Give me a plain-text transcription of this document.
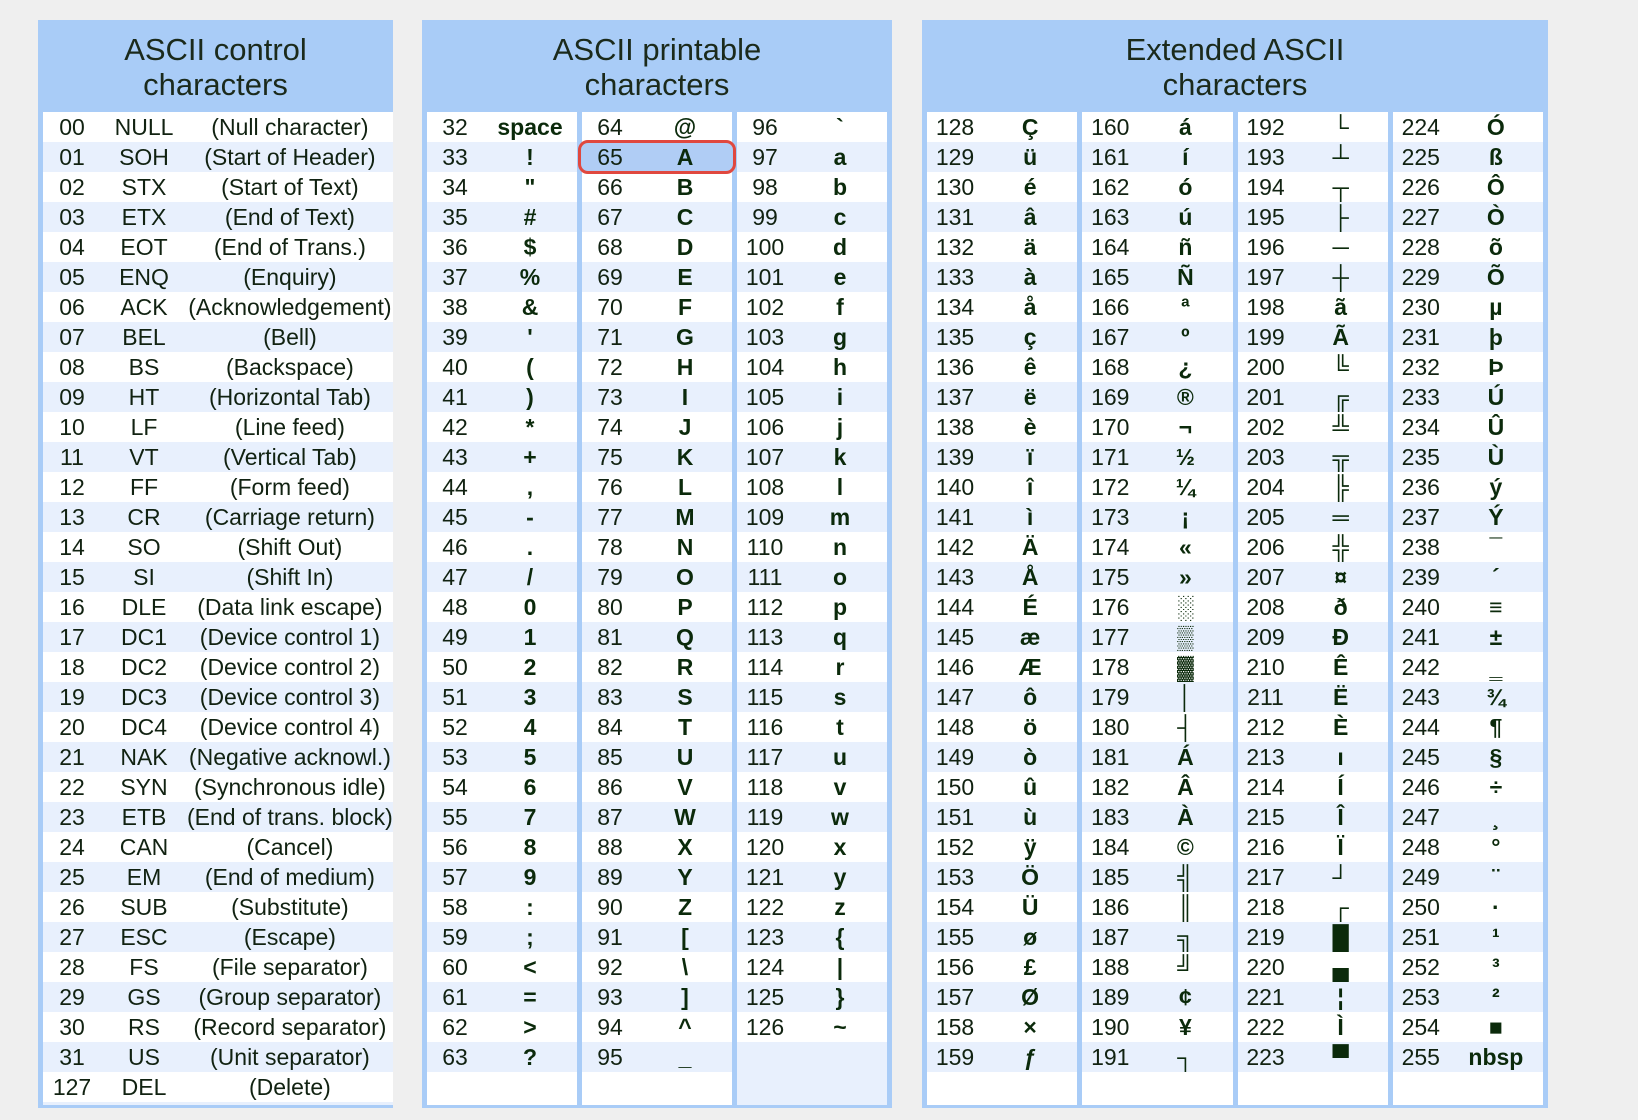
ASCII control
characters
00	NULL	(Null character)
01	SOH	(Start of Header)
02	STX	(Start of Text)
03	ETX	(End of Text)
04	EOT	(End of Trans.)
05	ENQ	(Enquiry)
06	ACK (Acknowledgement)
07	BEL	(Bell)
08	BS	(Backspace)
09	HT	(Horizontal Tab)
10	LF	(Line feed)
11	VT	(Vertical Tab)
12	FF	(Form feed)
13	CR	(Carriage return)
14	SO	(Shift Out)
15	SI	(Shift In)
16	DLE	(Data link escape)
17	DC1	(Device control 1)
18	DC2	(Device control 2)
19	DC3	(Device control 3)
20	DC4	(Device control 4)
21	NAK (Negative acknowl.)
22	SYN	(Synchronous idle)
23	ETB (End of trans. block)
24	CAN	(Cancel)
25	EM	(End of medium)
26	SUB	(Substitute)
27	ESC	(Escape)
28	FS	(File separator)
29	GS	(Group separator)
30	RS	(Record separator)
31	US	(Unit separator)
127	DEL	(Delete)
ASCII printable
characters
32	space
33	!
34	"
35	#
36	$
37	%
38	&
39	'
40	(
41	)
42	*
43	+
44	,
45	-
46	.
47	/
48	0
49	1
50	2
51	3
52	4
53	5
54	6
55	7
56	8
57	9
58	:
59	;
60	<
61	=
62	>
63	?
64	@
65	A
66	B
67	C
68	D
69	E
70	F
71	G
72	H
73	I
74	J
75	K
76	L
77	M
78	N
79	O
80	P
81	Q
82	R
83	S
84	T
85	U
86	V
87	W
88	X
89	Y
90	Z
91	[
92	\
93	]
94	^
95	_
96	`
97	a
98	b
99	c
100	d
101	e
102	f
103	g
104	h
105	i
106	j
107	k
108	l
109	m
110	n
111	o
112	p
113	q
114	r
115	s
116	t
117	u
118	v
119	w
120	x
121	y
122	z
123	{
124	|
125	}
126	~
Extended ASCII
characters
128	Ç
129	ü
130	é
131	â
132	ä
133	à
134	å
135	ç
136	ê
137	ë
138	è
139	ï
140	î
141	ì
142	Ä
143	Å
144	É
145	æ
146	Æ
147	ô
148	ö
149	ò
150	û
151	ù
152	ÿ
153	Ö
154	Ü
155	ø
156	£
157	Ø
158	×
159	ƒ
160	á
161	í
162	ó
163	ú
164	ñ
165	Ñ
166	ª
167	º
168	¿
169	®
170	¬
171	½
172	¼
173	¡
174	«
175	»
176	░
177	▒
178	▓
179	│
180	┤
181	Á
182	Â
183	À
184	©
185	╣
186	║
187	╗
188	╝
189	¢
190	¥
191	┐
192	└
193	┴
194	┬
195	├
196	─
197	┼
198	ã
199	Ã
200	╚
201	╔
202	╩
203	╦
204	╠
205	═
206	╬
207	¤
208	ð
209	Ð
210	Ê
211	Ë
212	È
213	ı
214	Í
215	Î
216	Ï
217	┘
218	┌
219	█
220	▄
221	¦
222	Ì
223	▀
224	Ó
225	ß
226	Ô
227	Ò
228	õ
229	Õ
230	µ
231	þ
232	Þ
233	Ú
234	Û
235	Ù
236	ý
237	Ý
238	¯
239	´
240	≡
241	±
242	‗
243	¾
244	¶
245	§
246	÷
247	¸
248	°
249	¨
250	·
251	¹
252	³
253	²
254	■
255	nbsp
